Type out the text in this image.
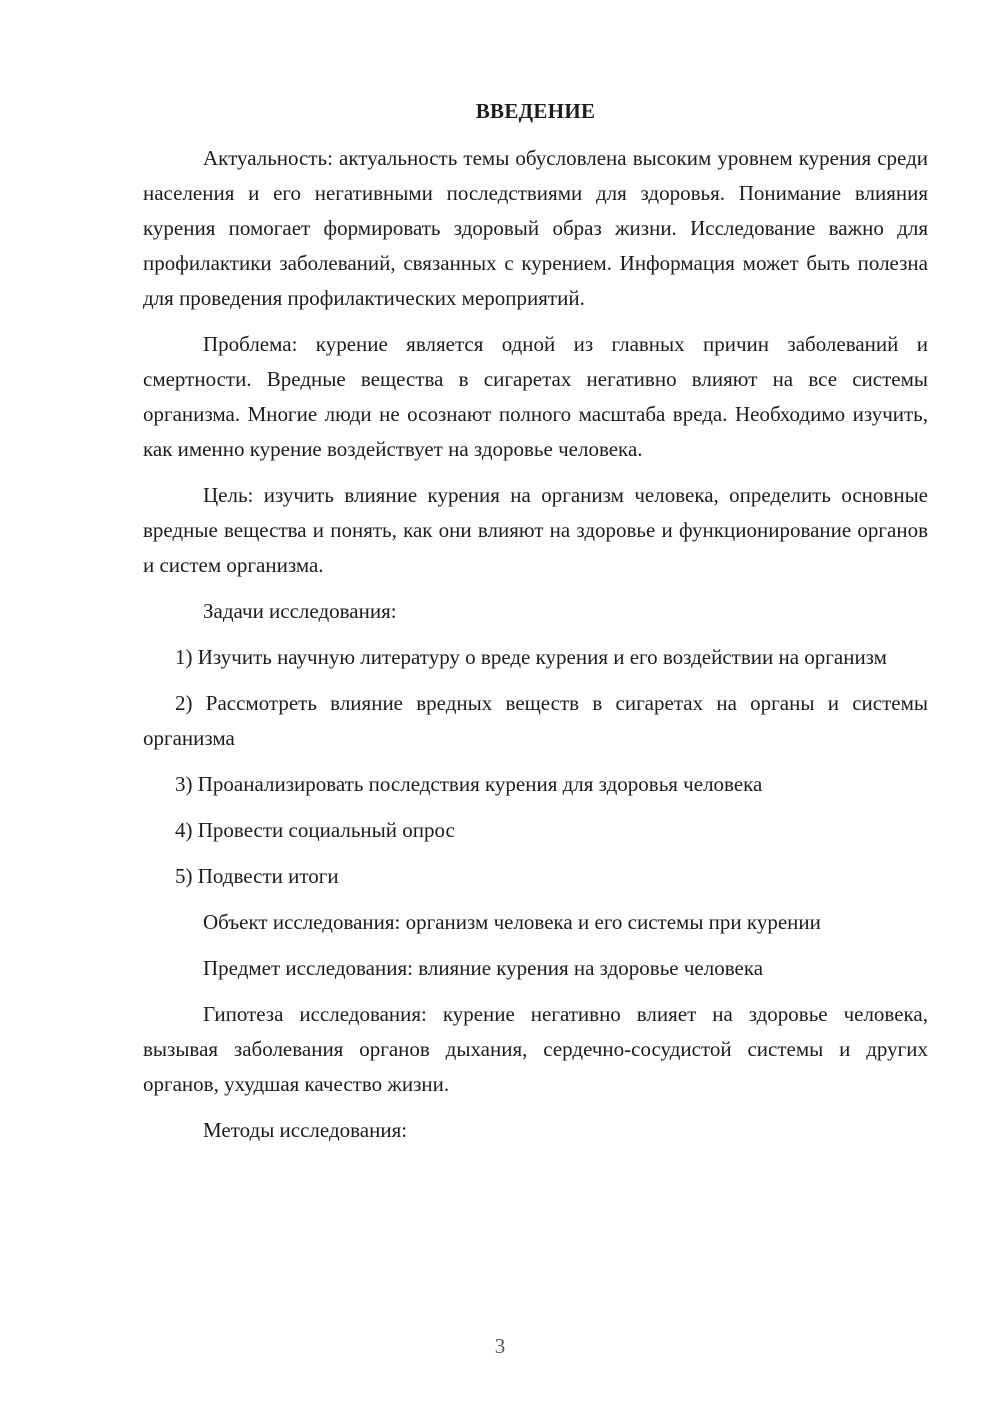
ВВЕДЕНИЕ

Актуальность: актуальность темы обусловлена высоким уровнем курения среди населения и его негативными последствиями для здоровья. Понимание влияния курения помогает формировать здоровый образ жизни. Исследование важно для профилактики заболеваний, связанных с курением. Информация может быть полезна для проведения профилактических мероприятий.

Проблема: курение является одной из главных причин заболеваний и смертности. Вредные вещества в сигаретах негативно влияют на все системы организма. Многие люди не осознают полного масштаба вреда. Необходимо изучить, как именно курение воздействует на здоровье человека.

Цель: изучить влияние курения на организм человека, определить основные вредные вещества и понять, как они влияют на здоровье и функционирование органов и систем организма.

Задачи исследования:

1) Изучить научную литературу о вреде курения и его воздействии на организм

2) Рассмотреть влияние вредных веществ в сигаретах на органы и системы организма

3) Проанализировать последствия курения для здоровья человека

4) Провести социальный опрос

5) Подвести итоги

Объект исследования: организм человека и его системы при курении

Предмет исследования: влияние курения на здоровье человека

Гипотеза исследования: курение негативно влияет на здоровье человека, вызывая заболевания органов дыхания, сердечно-сосудистой системы и других органов, ухудшая качество жизни.

Методы исследования:

3
